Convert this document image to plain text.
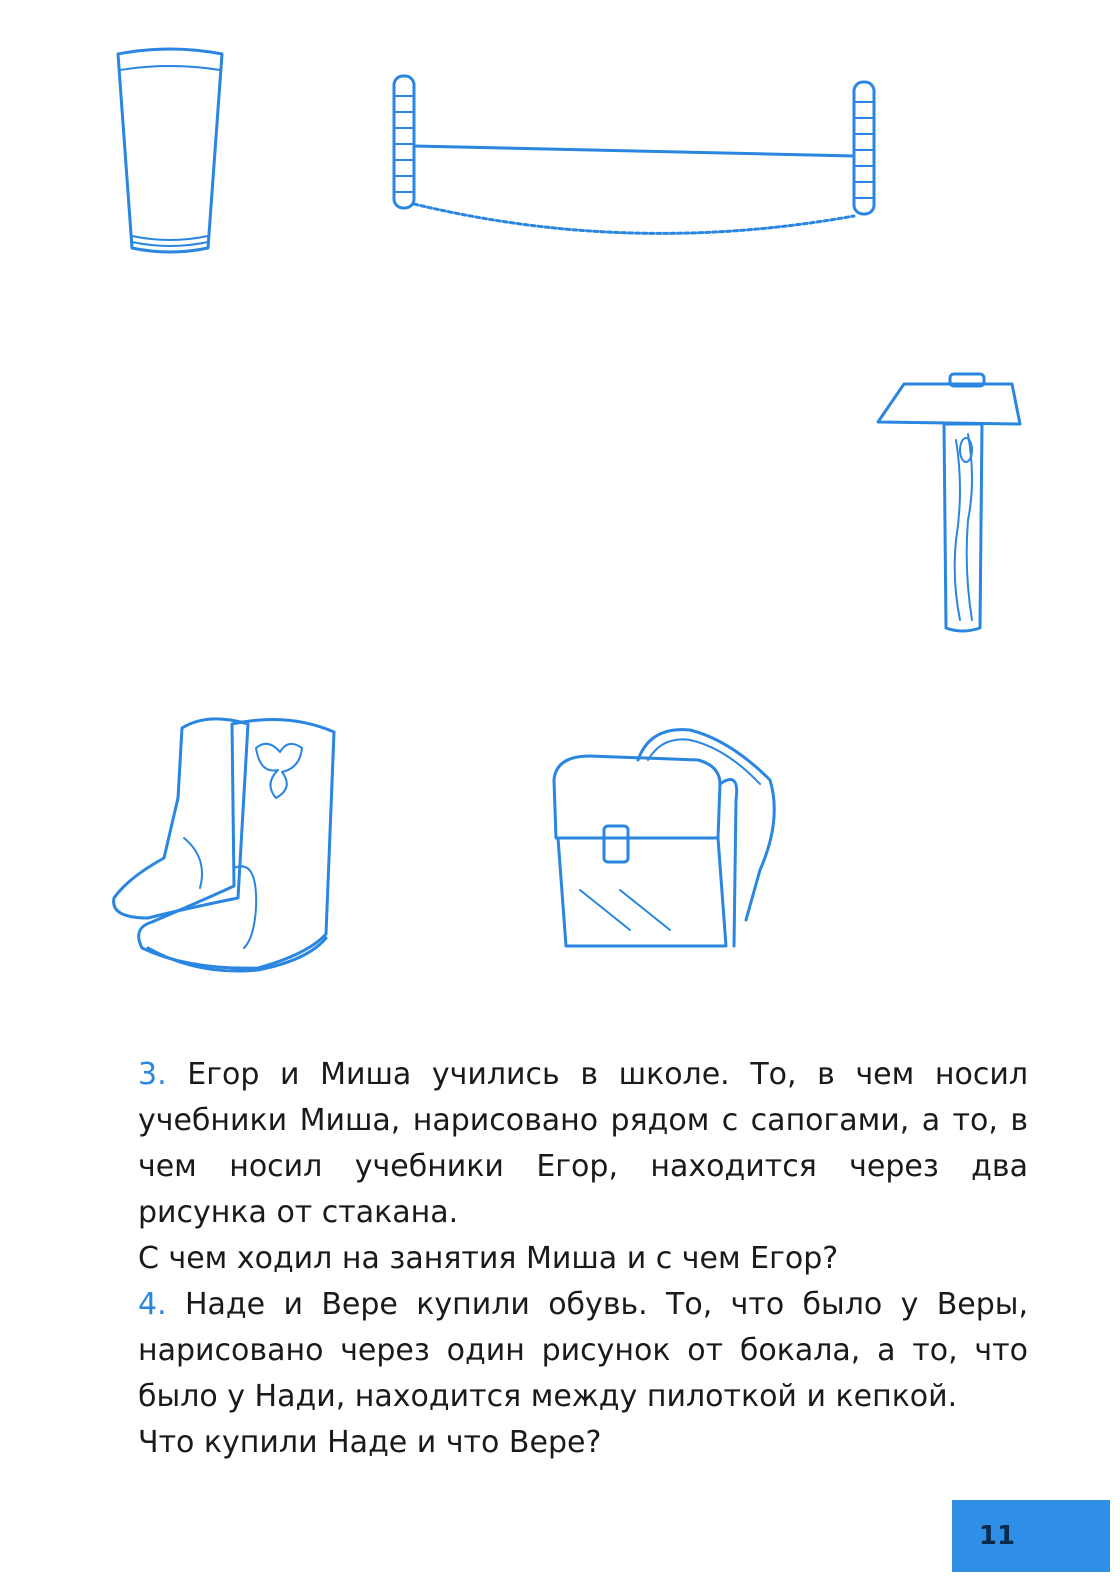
3. Егор и Миша учились в школе. То, в чем носил учебники Миша, нарисовано рядом с сапогами, а то, в чем носил учебники Егор, находится через два рисунка от стакана.

С чем ходил на занятия Миша и с чем Егор?

4. Наде и Вере купили обувь. То, что было у Веры, нарисовано через один рисунок от бокала, а то, что было у Нади, находится между пилоткой и кепкой.

Что купили Наде и что Вере?

11
